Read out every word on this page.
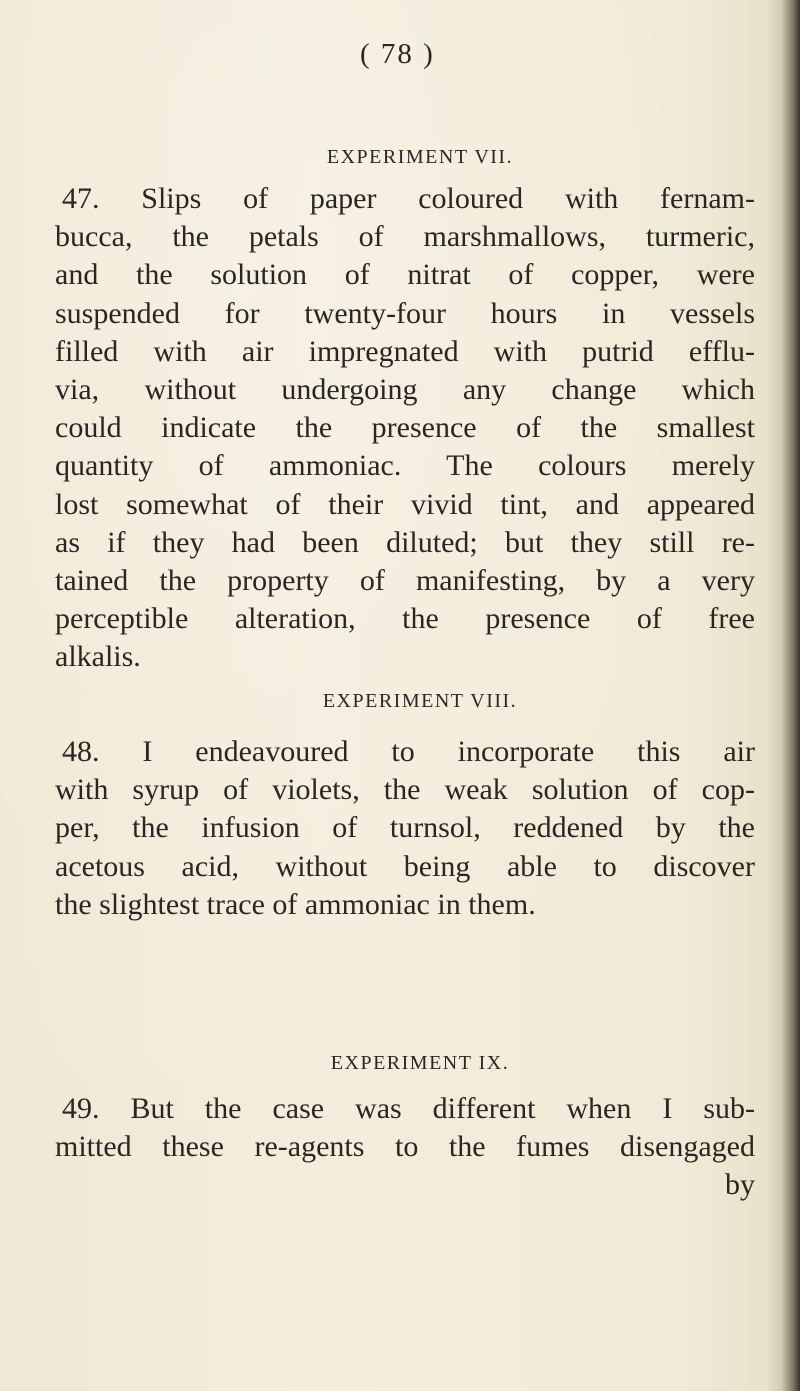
( 78 )
EXPERIMENT VII.
47. Slips of paper coloured with fernam-
bucca, the petals of marshmallows, turmeric,
and the solution of nitrat of copper, were
suspended for twenty-four hours in vessels
filled with air impregnated with putrid efflu-
via, without undergoing any change which
could indicate the presence of the smallest
quantity of ammoniac. The colours merely
lost somewhat of their vivid tint, and appeared
as if they had been diluted; but they still re-
tained the property of manifesting, by a very
perceptible alteration, the presence of free
alkalis.
EXPERIMENT VIII.
48. I endeavoured to incorporate this air
with syrup of violets, the weak solution of cop-
per, the infusion of turnsol, reddened by the
acetous acid, without being able to discover
the slightest trace of ammoniac in them.
EXPERIMENT IX.
49. But the case was different when I sub-
mitted these re-agents to the fumes disengaged
by
